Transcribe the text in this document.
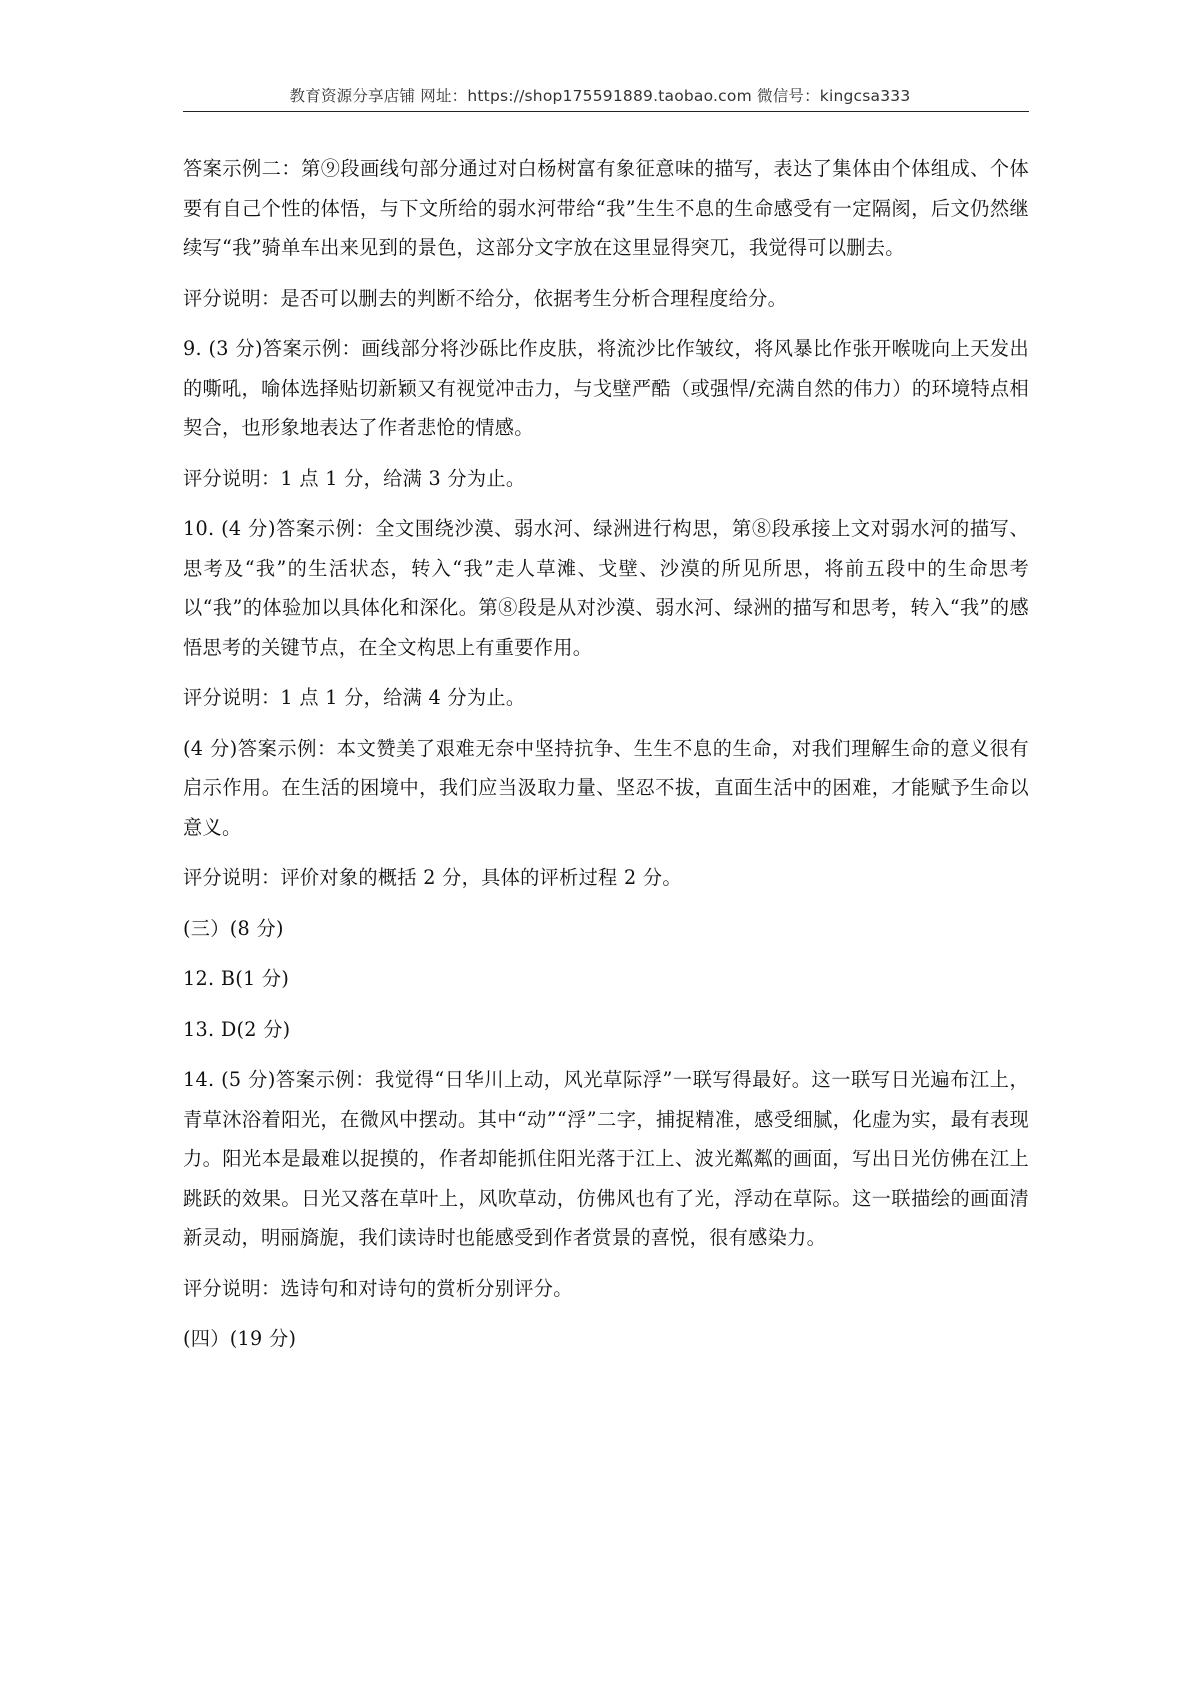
教育资源分享店铺 网址：https://shop175591889.taobao.com 微信号：kingcsa333

答案示例二：第⑨段画线句部分通过对白杨树富有象征意味的描写，表达了集体由个体组成、个体要有自己个性的体悟，与下文所给的弱水河带给“我”生生不息的生命感受有一定隔阂，后文仍然继续写“我”骑单车出来见到的景色，这部分文字放在这里显得突兀，我觉得可以删去。

评分说明：是否可以删去的判断不给分，依据考生分析合理程度给分。

9. (3 分)答案示例：画线部分将沙砾比作皮肤，将流沙比作皱纹，将风暴比作张开喉咙向上天发出的嘶吼，喻体选择贴切新颖又有视觉冲击力，与戈壁严酷（或强悍/充满自然的伟力）的环境特点相契合，也形象地表达了作者悲怆的情感。

评分说明：1 点 1 分，给满 3 分为止。

10. (4 分)答案示例：全文围绕沙漠、弱水河、绿洲进行构思，第⑧段承接上文对弱水河的描写、思考及“我”的生活状态，转入“我”走人草滩、戈壁、沙漠的所见所思，将前五段中的生命思考以“我”的体验加以具体化和深化。第⑧段是从对沙漠、弱水河、绿洲的描写和思考，转入“我”的感悟思考的关键节点，在全文构思上有重要作用。

评分说明：1 点 1 分，给满 4 分为止。

(4 分)答案示例：本文赞美了艰难无奈中坚持抗争、生生不息的生命，对我们理解生命的意义很有启示作用。在生活的困境中，我们应当汲取力量、坚忍不拔，直面生活中的困难，才能赋予生命以意义。

评分说明：评价对象的概括 2 分，具体的评析过程 2 分。

(三）(8 分)

12. B(1 分)

13. D(2 分)

14. (5 分)答案示例：我觉得“日华川上动，风光草际浮”一联写得最好。这一联写日光遍布江上，青草沐浴着阳光，在微风中摆动。其中“动”“浮”二字，捕捉精准，感受细腻，化虚为实，最有表现力。阳光本是最难以捉摸的，作者却能抓住阳光落于江上、波光粼粼的画面，写出日光仿佛在江上跳跃的效果。日光又落在草叶上，风吹草动，仿佛风也有了光，浮动在草际。这一联描绘的画面清新灵动，明丽旖旎，我们读诗时也能感受到作者赏景的喜悦，很有感染力。

评分说明：选诗句和对诗句的赏析分别评分。

(四）(19 分)
